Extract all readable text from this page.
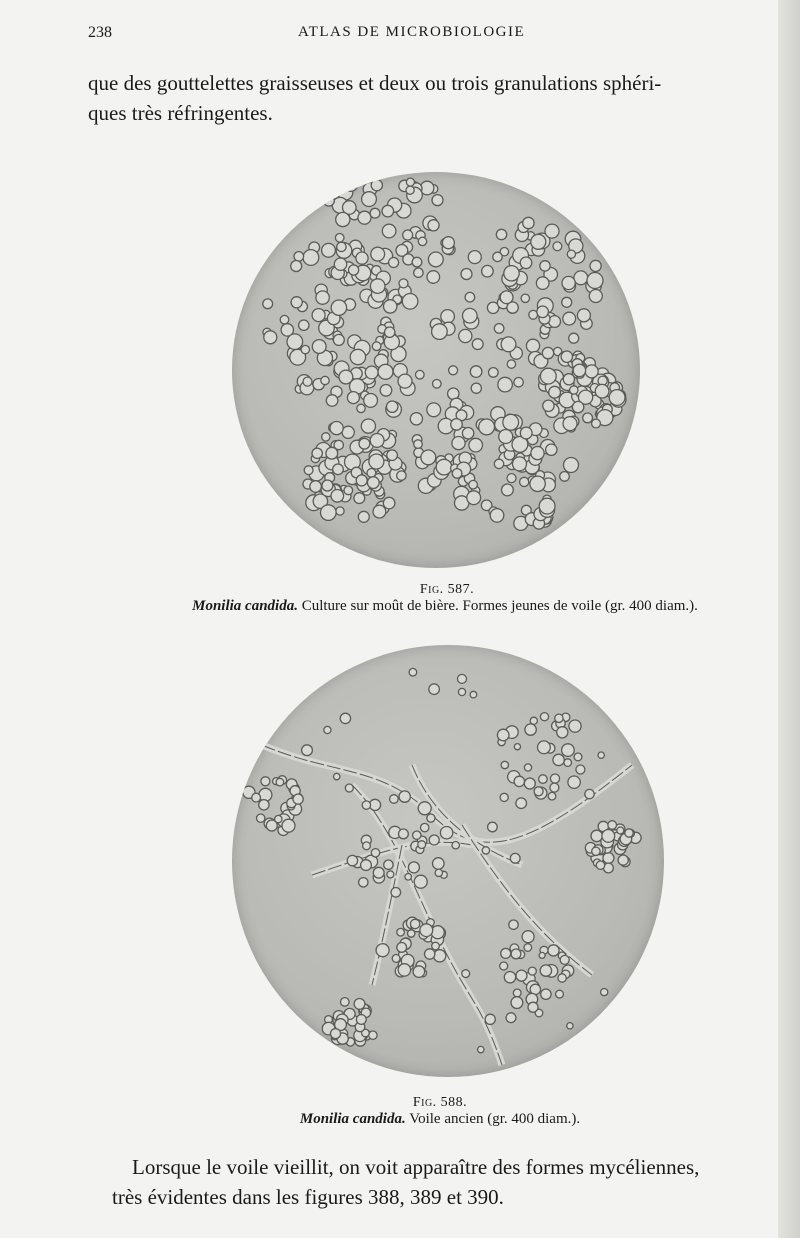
238	ATLAS DE MICROBIOLOGIE
que des gouttelettes graisseuses et deux ou trois granulations sphéri-
ques très réfringentes.
Fig. 587.
Monilia candida. Culture sur moût de bière. Formes jeunes de voile (gr. 400 diam.).
Fig. 588.
Monilia candida. Voile ancien (gr. 400 diam.).
Lorsque le voile vieillit, on voit apparaître des formes mycéliennes,
très évidentes dans les figures 388, 389 et 390.
